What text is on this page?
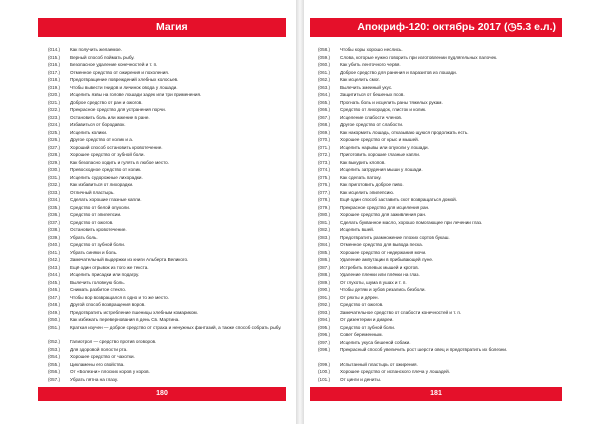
Магия
(014.)	Как получить желаемое.
(015.)	Верный способ поймать рыбу.
(016.)	Безопасное удаление конечностей и т. п.
(017.)	Отменное средство от ожирения и похоления.
(018.)	Предотвращение повреждений хлебных колосьев.
(019.)	Чтобы вывести гнидов и личинок овода у лошади.
(020.)	Исцелить язвы на голове лошади задек или три применения.
(021.)	Доброе средство от ран и ожогов.
(022.)	Прекрасное средство для устранения порчи.
(023.)	Остановить боль или жжение в ране.
(024.)	Избавиться от бородавок.
(025.)	Исцелить колики.
(026.)	Другое средство от колик и а.
(027.)	Хороший способ остановить кровотечение.
(028.)	Хорошее средство от зубной боли.
(029.)	Как безопасно ходить и гулять в любое место.
(030.)	Превосходное средство от колик.
(031.)	Исцелить судорожные лихорадки.
(032.)	Как избавиться от лихорадки.
(033.)	Отличный пластырь.
(034.)	Сделать хорошие глазные капли.
(035.)	Средство от белой опухоли.
(036.)	Средство от эпилепсии.
(037.)	Средство от ожогов.
(038.)	Остановить кровотечение.
(039.)	Убрать боль.
(040.)	Средство от зубной боли.
(041.)	Убрать синяки и боль.
(042.)	Замечательный выдержки из книги Альберта Великого.
(043.)	Ещё один отрывок из того же текста.
(044.)	Исцелить присадки или подагру.
(045.)	Вылечить головную боль.
(046.)	Снимать разбитое стекло.
(047.)	Чтобы вор возвращался в одно и то же место.
(048.)	Другой способ возвращения воров.
(049.)	Предотвратить истребление пшеницы хлебным комариком.
(050.)	Как избежать перевернования в день Св. Мартина.
(051.)	Краткая изучен — доброе средство от страха и ненужных фантазий, а также способ собрать рыбу.
(052.)	Галиотрол — средство против оговоров.
(053.)	Для здоровой полости рта.
(054.)	Хорошее средство от чахотки.
(055.)	Цикламены его свойства.
(056.)	От «Болезни» плоских коров у коров.
(057.)	Убрать пятна на глазу.
180
Апокриф-120: октябрь 2017 (◷5.3 е.л.)
(058.)	Чтобы коры хорошо неслись.
(059.)	Слова, которые нужно говорить при изготовлении пудлягельных палочек.
(060.)	Как убить ленточного червя.
(061.)	Доброе средство для ранения и паразитов из лошади.
(062.)	Как исцелить смог.
(063.)	Вылечить змеиный укус.
(064.)	Защититься от бешеных псов.
(065.)	Прогнать боль и исцелить раны тяжелых рукам.
(066.)	Средство от лихорадок, глисток и колик.
(067.)	Исцеление слабости членов.
(068.)	Другое средство от слабости.
(069.)	Как накормить лошадь, отказываю щуюся продолжать есть.
(070.)	Хорошее средство от крыс и мышей.
(071.)	Исцелить нарывы или опухоли у лошади.
(072.)	Приготовить хорошие глазные капли.
(073.)	Как выкурить клопов.
(074.)	Исцелить затрудения мыши у лошади.
(075.)	Как сделать патоку.
(076.)	Как приготовить доброе пиво.
(077.)	Как исцелить эпилепсию.
(078.)	Ещё один способ заставить скот возвращаться домой.
(079.)	Прекрасное средство для исцеления ран.
(080.)	Хорошее средство для заживления ран.
(081.)	Сделать букванное масло, хорошо помогающее при лечении глаз.
(082.)	Исцелить вшей.
(083.)	Предотвратить размножение плохих сортов букаш.
(084.)	Отменное средство для вывода песка.
(085.)	Хорошее средство от недержания мочи.
(086.)	Удаление ампутации в прибывающей луне.
(087.)	Истребить полевых мышей и кротов.
(088.)	Удаление пленки или плёнки на глаз.
(089.)	От глухоты, шума в ушах и т. п.
(090.)	Чтобы детям и зубов резались безболи.
(091.)	От ряхты и дёрен.
(092.)	Средство от ожогов.
(093.)	Замечательное средство от слабости конечностей и т. п.
(094.)	От дизентерии и диареи.
(095.)	Средство от зубной боли.
(096.)	Совет беременным.
(097.)	Исцелить укуса бешеной собаки.
(098.)	Прекрасный способ увеличить рост шерсти овец и предотвратить их болезни.
(099.)	Испытанный пластырь от ожирения.
(100.)	Хорошее средство от испанского плеча у лошадей.
(101.)	От цинги и дениты.
181
